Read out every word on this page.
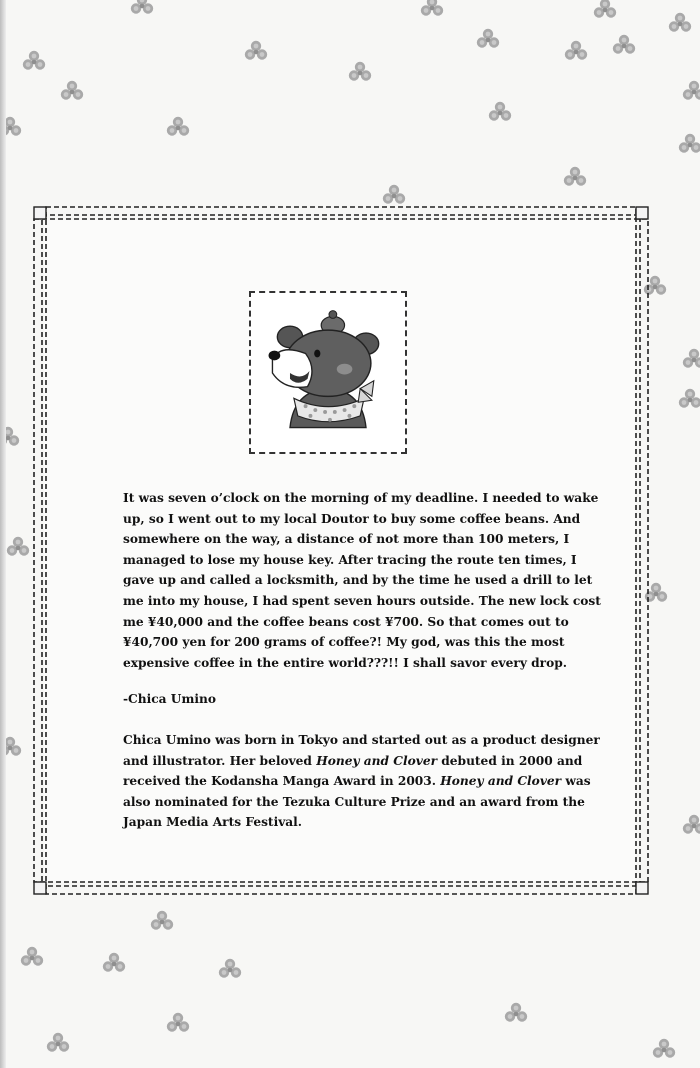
It was seven o’clock on the morning of my deadline. I needed to wake up, so I went out to my local Doutor to buy some coffee beans. And somewhere on the way, a distance of not more than 100 meters, I managed to lose my house key. After tracing the route ten times, I gave up and called a locksmith, and by the time he used a drill to let me into my house, I had spent seven hours outside. The new lock cost me ¥40,000 and the coffee beans cost ¥700. So that comes out to ¥40,700 yen for 200 grams of coffee?! My god, was this the most expensive coffee in the entire world???!! I shall savor every drop.

-Chica Umino

Chica Umino was born in Tokyo and started out as a product designer and illustrator. Her beloved Honey and Clover debuted in 2000 and received the Kodansha Manga Award in 2003. Honey and Clover was also nominated for the Tezuka Culture Prize and an award from the Japan Media Arts Festival.
